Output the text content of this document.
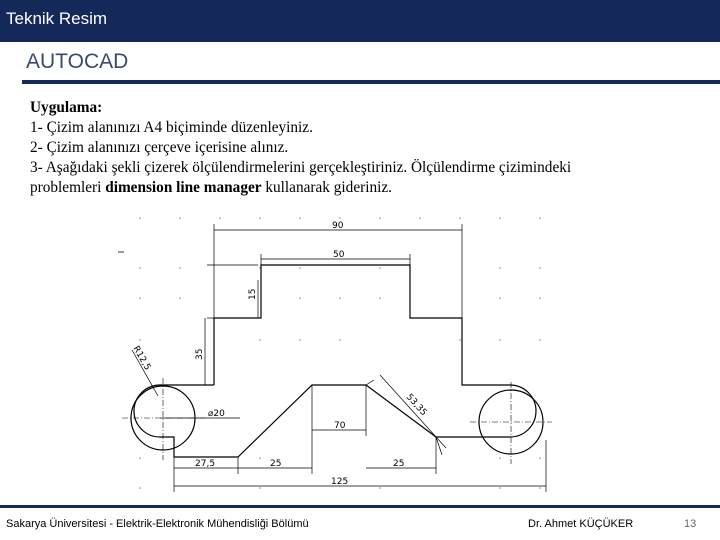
Teknik Resim
AUTOCAD
Uygulama:
1- Çizim alanınızı A4 biçiminde düzenleyiniz.
2- Çizim alanınızı çerçeve içerisine alınız.
3- Aşağıdaki şekli çizerek ölçülendirmelerini gerçekleştiriniz. Ölçülendirme çizimindeki
problemleri dimension line manager kullanarak gideriniz.
90
50
15
35
R12,5
⌀20	53,35
70
27,5	25	25
125
Sakarya Üniversitesi - Elektrik-Elektronik Mühendisliği Bölümü	Dr. Ahmet KÜÇÜKER	13
